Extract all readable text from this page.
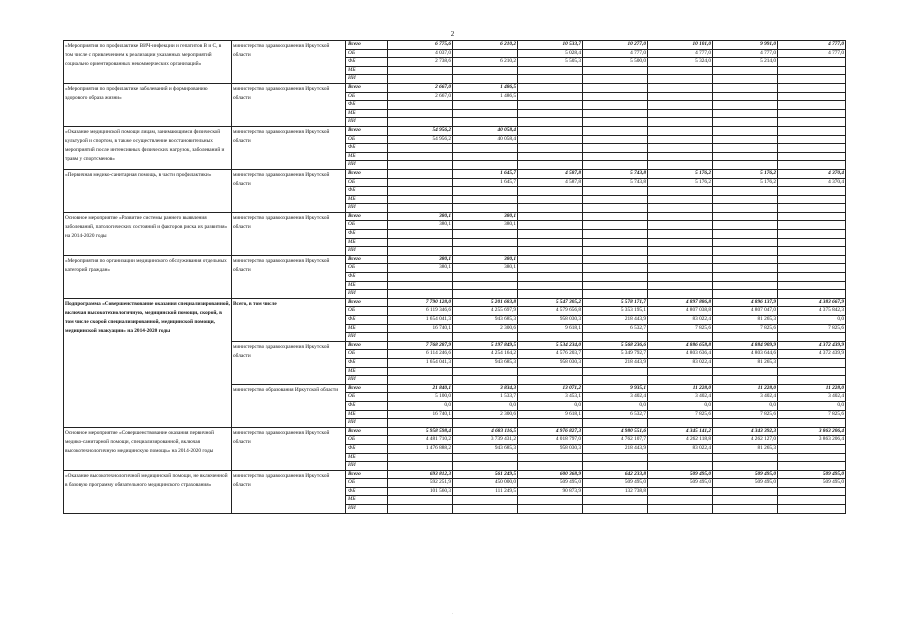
2
«Мероприятия по профилактике ВИЧ-инфекции и гепатитов В и С, в том числе с привлечением к реализации указанных мероприятий социально ориентированных некоммерческих организаций»	министерство здравоохранения Иркутской области	Всего	6 775,6	6 210,2	10 533,7	10 277,0	10 101,0	9 991,0	4 777,0
		ОБ	4 037,0		5 028,4	4 777,0	4 777,0	4 777,0	4 777,0
		ФБ	2 738,6	6 210,2	5 505,3	5 500,0	5 324,0	5 214,0	
		МБ							
		ИИ							
«Мероприятия по профилактике заболеваний и формированию здорового образа жизни»	министерство здравоохранения Иркутской области	Всего	2 667,0	1 486,5					
		ОБ	2 667,0	1 486,5					
		ФБ							
		МБ							
		ИИ							
«Оказание медицинской помощи лицам, занимающимся физической культурой и спортом, в также осуществление восстановительных мероприятий после интенсивных физических нагрузок, заболеваний и травм у спортсменов»	министерство здравоохранения Иркутской области	Всего	54 956,2	40 058,4					
		ОБ	54 956,2	40 058,4					
		ФБ							
		МБ							
		ИИ							
«Первичная медико-санитарная помощь, в части профилактики»	министерство здравоохранения Иркутской области	Всего		1 645,7	4 587,8	5 743,8	5 176,2	5 176,2	4 370,4
		ОБ		1 645,7	4 587,8	5 743,8	5 176,2	5 176,2	4 370,4
		ФБ							
		МБ							
		ИИ							
Основное мероприятие «Развитие системы раннего выявления заболеваний, патологических состояний и факторов риска их развития» на 2014-2020 годы	министерство здравоохранения Иркутской области	Всего	380,1	380,1					
		ОБ	380,1	380,1					
		ФБ							
		МБ							
		ИИ							
«Мероприятия по организации медицинского обслуживания отдельных категорий граждан»	министерство здравоохранения Иркутской области	Всего	380,1	380,1					
		ОБ	380,1	380,1					
		ФБ							
		МБ							
		ИИ							
Подпрограмма «Совершенствование оказания специализированной, включая высокотехнологичную, медицинской помощи, скорой, в том числе скорой специализированной, медицинской помощи, медицинской эвакуации» на 2014-2020 годы	Всего, в том числе	Всего	7 790 128,0	5 201 683,8	5 547 305,2	5 578 171,7	4 897 886,8	4 896 137,9	4 383 667,9
		ОБ	6 119 346,6	4 255 697,9	4 579 656,8	5 353 195,1	4 807 038,8	4 807 047,0	4 375 842,3
		ФБ	1 654 041,3	943 685,3	958 030,3	218 443,9	83 022,4	81 265,3	0,0
		МБ	16 740,1	2 300,6	9 618,1	6 532,7	7 825,6	7 825,6	7 825,6
		ИИ							
	министерство здравоохранения Иркутской области	Всего	7 768 287,9	5 197 849,5	5 534 234,0	5 568 236,6	4 886 658,8	4 884 909,9	4 372 439,9
		ОБ	6 114 246,6	4 254 164,2	4 576 203,7	5 349 792,7	4 803 636,4	4 803 644,6	4 372 439,9
		ФБ	1 654 041,3	943 685,3	958 030,3	218 443,9	83 022,4	81 265,3	
		МБ							
		ИИ							
	министерство образования Иркутской области	Всего	21 840,1	3 834,3	13 071,2	9 935,1	11 228,0	11 228,0	11 228,0
		ОБ	5 100,0	1 533,7	3 453,1	3 402,4	3 402,4	3 402,4	3 402,4
		ФБ	0,0	0,0	0,0	0,0	0,0	0,0	0,0
		МБ	16 740,1	2 300,6	9 618,1	6 532,7	7 825,6	7 825,6	7 825,6
		ИИ							
Основное мероприятие «Совершенствование оказания первичной медико-санитарной помощи, специализированной, включая высокотехнологичную медицинскую помощь» на 2014-2020 годы	министерство здравоохранения Иркутской области	Всего	5 958 598,4	4 683 116,5	4 976 827,3	4 980 551,6	4 345 141,2	4 343 392,3	3 863 206,4
		ОБ	4 481 710,2	3 739 431,2	4 018 797,0	4 762 107,7	4 262 118,8	4 262 127,0	3 863 206,4
		ФБ	1 476 888,2	943 685,3	958 030,3	218 443,9	83 022,4	81 265,3	
		МБ							
		ИИ							
«Оказание высокотехнологичной медицинской помощи, не включенной в базовую программу обязательного медицинского страхования»	министерство здравоохранения Иркутской области	Всего	693 812,3	561 249,5	600 368,9	642 233,8	509 495,0	509 495,0	509 495,0
		ОБ	592 251,9	450 000,0	509 495,0	509 495,0	509 495,0	509 495,0	509 495,0
		ФБ	101 560,3	111 249,5	90 873,9	132 738,8			
		МБ							
		ИИ							
·
